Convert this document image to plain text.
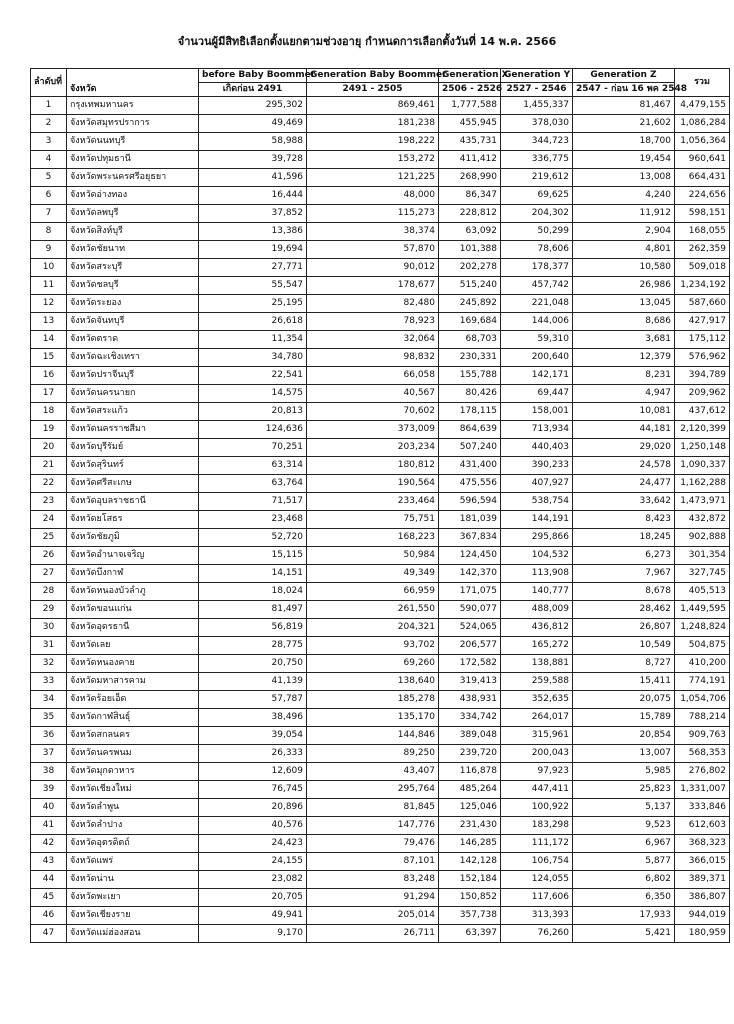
จำนวนผู้มีสิทธิเลือกตั้งแยกตามช่วงอายุ กำหนดการเลือกตั้งวันที่ 14 พ.ค. 2566
ลำดับที่	จังหวัด	before Baby Boommer	Generation Baby Boommer	Generation X	Generation Y	Generation Z	รวม
		เกิดก่อน 2491	2491 - 2505	2506 - 2526	2527 - 2546	2547 - ก่อน 16 พค 2548	
1	กรุงเทพมหานคร	295,302	869,461	1,777,588	1,455,337	81,467	4,479,155
2	จังหวัดสมุทรปราการ	49,469	181,238	455,945	378,030	21,602	1,086,284
3	จังหวัดนนทบุรี	58,988	198,222	435,731	344,723	18,700	1,056,364
4	จังหวัดปทุมธานี	39,728	153,272	411,412	336,775	19,454	960,641
5	จังหวัดพระนครศรีอยุธยา	41,596	121,225	268,990	219,612	13,008	664,431
6	จังหวัดอ่างทอง	16,444	48,000	86,347	69,625	4,240	224,656
7	จังหวัดลพบุรี	37,852	115,273	228,812	204,302	11,912	598,151
8	จังหวัดสิงห์บุรี	13,386	38,374	63,092	50,299	2,904	168,055
9	จังหวัดชัยนาท	19,694	57,870	101,388	78,606	4,801	262,359
10	จังหวัดสระบุรี	27,771	90,012	202,278	178,377	10,580	509,018
11	จังหวัดชลบุรี	55,547	178,677	515,240	457,742	26,986	1,234,192
12	จังหวัดระยอง	25,195	82,480	245,892	221,048	13,045	587,660
13	จังหวัดจันทบุรี	26,618	78,923	169,684	144,006	8,686	427,917
14	จังหวัดตราด	11,354	32,064	68,703	59,310	3,681	175,112
15	จังหวัดฉะเชิงเทรา	34,780	98,832	230,331	200,640	12,379	576,962
16	จังหวัดปราจีนบุรี	22,541	66,058	155,788	142,171	8,231	394,789
17	จังหวัดนครนายก	14,575	40,567	80,426	69,447	4,947	209,962
18	จังหวัดสระแก้ว	20,813	70,602	178,115	158,001	10,081	437,612
19	จังหวัดนครราชสีมา	124,636	373,009	864,639	713,934	44,181	2,120,399
20	จังหวัดบุรีรัมย์	70,251	203,234	507,240	440,403	29,020	1,250,148
21	จังหวัดสุรินทร์	63,314	180,812	431,400	390,233	24,578	1,090,337
22	จังหวัดศรีสะเกษ	63,764	190,564	475,556	407,927	24,477	1,162,288
23	จังหวัดอุบลราชธานี	71,517	233,464	596,594	538,754	33,642	1,473,971
24	จังหวัดยโสธร	23,468	75,751	181,039	144,191	8,423	432,872
25	จังหวัดชัยภูมิ	52,720	168,223	367,834	295,866	18,245	902,888
26	จังหวัดอำนาจเจริญ	15,115	50,984	124,450	104,532	6,273	301,354
27	จังหวัดบึงกาฬ	14,151	49,349	142,370	113,908	7,967	327,745
28	จังหวัดหนองบัวลำภู	18,024	66,959	171,075	140,777	8,678	405,513
29	จังหวัดขอนแก่น	81,497	261,550	590,077	488,009	28,462	1,449,595
30	จังหวัดอุดรธานี	56,819	204,321	524,065	436,812	26,807	1,248,824
31	จังหวัดเลย	28,775	93,702	206,577	165,272	10,549	504,875
32	จังหวัดหนองคาย	20,750	69,260	172,582	138,881	8,727	410,200
33	จังหวัดมหาสารคาม	41,139	138,640	319,413	259,588	15,411	774,191
34	จังหวัดร้อยเอ็ด	57,787	185,278	438,931	352,635	20,075	1,054,706
35	จังหวัดกาฬสินธุ์	38,496	135,170	334,742	264,017	15,789	788,214
36	จังหวัดสกลนคร	39,054	144,846	389,048	315,961	20,854	909,763
37	จังหวัดนครพนม	26,333	89,250	239,720	200,043	13,007	568,353
38	จังหวัดมุกดาหาร	12,609	43,407	116,878	97,923	5,985	276,802
39	จังหวัดเชียงใหม่	76,745	295,764	485,264	447,411	25,823	1,331,007
40	จังหวัดลำพูน	20,896	81,845	125,046	100,922	5,137	333,846
41	จังหวัดลำปาง	40,576	147,776	231,430	183,298	9,523	612,603
42	จังหวัดอุตรดิตถ์	24,423	79,476	146,285	111,172	6,967	368,323
43	จังหวัดแพร่	24,155	87,101	142,128	106,754	5,877	366,015
44	จังหวัดน่าน	23,082	83,248	152,184	124,055	6,802	389,371
45	จังหวัดพะเยา	20,705	91,294	150,852	117,606	6,350	386,807
46	จังหวัดเชียงราย	49,941	205,014	357,738	313,393	17,933	944,019
47	จังหวัดแม่ฮ่องสอน	9,170	26,711	63,397	76,260	5,421	180,959
